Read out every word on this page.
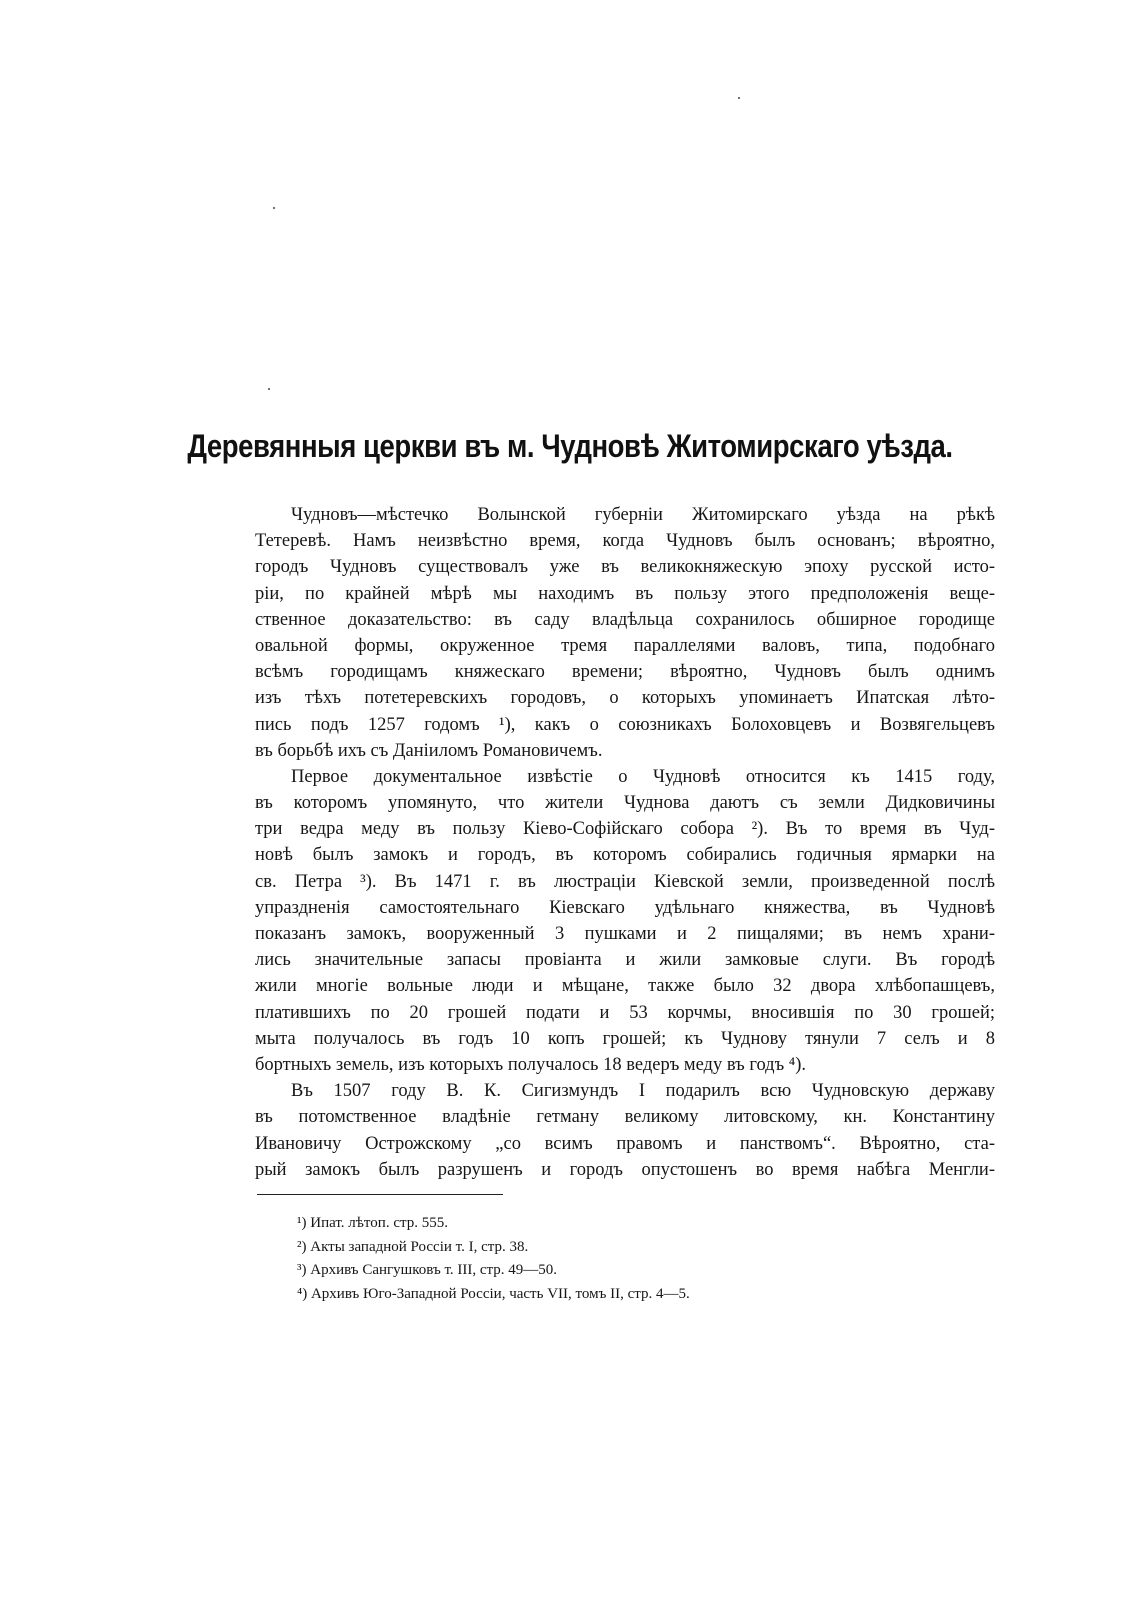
Деревянныя церкви въ м. Чудновѣ Житомирскаго уѣзда.
Чудновъ—мѣстечко Волынской губерніи Житомирскаго уѣзда на рѣкѣ
Тетеревѣ. Намъ неизвѣстно время, когда Чудновъ былъ основанъ; вѣроятно,
городъ Чудновъ существовалъ уже въ великокняжескую эпоху русской исто-
ріи, по крайней мѣрѣ мы находимъ въ пользу этого предположенія веще-
ственное доказательство: въ саду владѣльца сохранилось обширное городище
овальной формы, окруженное тремя параллелями валовъ, типа, подобнаго
всѣмъ городищамъ княжескаго времени; вѣроятно, Чудновъ былъ однимъ
изъ тѣхъ потетеревскихъ городовъ, о которыхъ упоминаетъ Ипатская лѣто-
пись подъ 1257 годомъ ¹), какъ о союзникахъ Болоховцевъ и Возвягельцевъ
въ борьбѣ ихъ съ Даніиломъ Романовичемъ.
Первое документальное извѣстіе о Чудновѣ относится къ 1415 году,
въ которомъ упомянуто, что жители Чуднова даютъ съ земли Дидковичины
три ведра меду въ пользу Кіево-Софійскаго собора ²). Въ то время въ Чуд-
новѣ былъ замокъ и городъ, въ которомъ собирались годичныя ярмарки на
св. Петра ³). Въ 1471 г. въ люстраціи Кіевской земли, произведенной послѣ
упраздненія самостоятельнаго Кіевскаго удѣльнаго княжества, въ Чудновѣ
показанъ замокъ, вооруженный 3 пушками и 2 пищалями; въ немъ храни-
лись значительные запасы провіанта и жили замковые слуги. Въ городѣ
жили многіе вольные люди и мѣщане, также было 32 двора хлѣбопашцевъ,
платившихъ по 20 грошей подати и 53 корчмы, вносившія по 30 грошей;
мыта получалось въ годъ 10 копъ грошей; къ Чуднову тянули 7 селъ и 8
бортныхъ земель, изъ которыхъ получалось 18 ведеръ меду въ годъ ⁴).
Въ 1507 году В. К. Сигизмундъ I подарилъ всю Чудновскую державу
въ потомственное владѣніе гетману великому литовскому, кн. Константину
Ивановичу Острожскому „со всимъ правомъ и панствомъ“. Вѣроятно, ста-
рый замокъ былъ разрушенъ и городъ опустошенъ во время набѣга Менгли-
¹) Ипат. лѣтоп. стр. 555.
²) Акты западной Россіи т. I, стр. 38.
³) Архивъ Сангушковъ т. III, стр. 49—50.
⁴) Архивъ Юго-Западной Россіи, часть VII, томъ II, стр. 4—5.
